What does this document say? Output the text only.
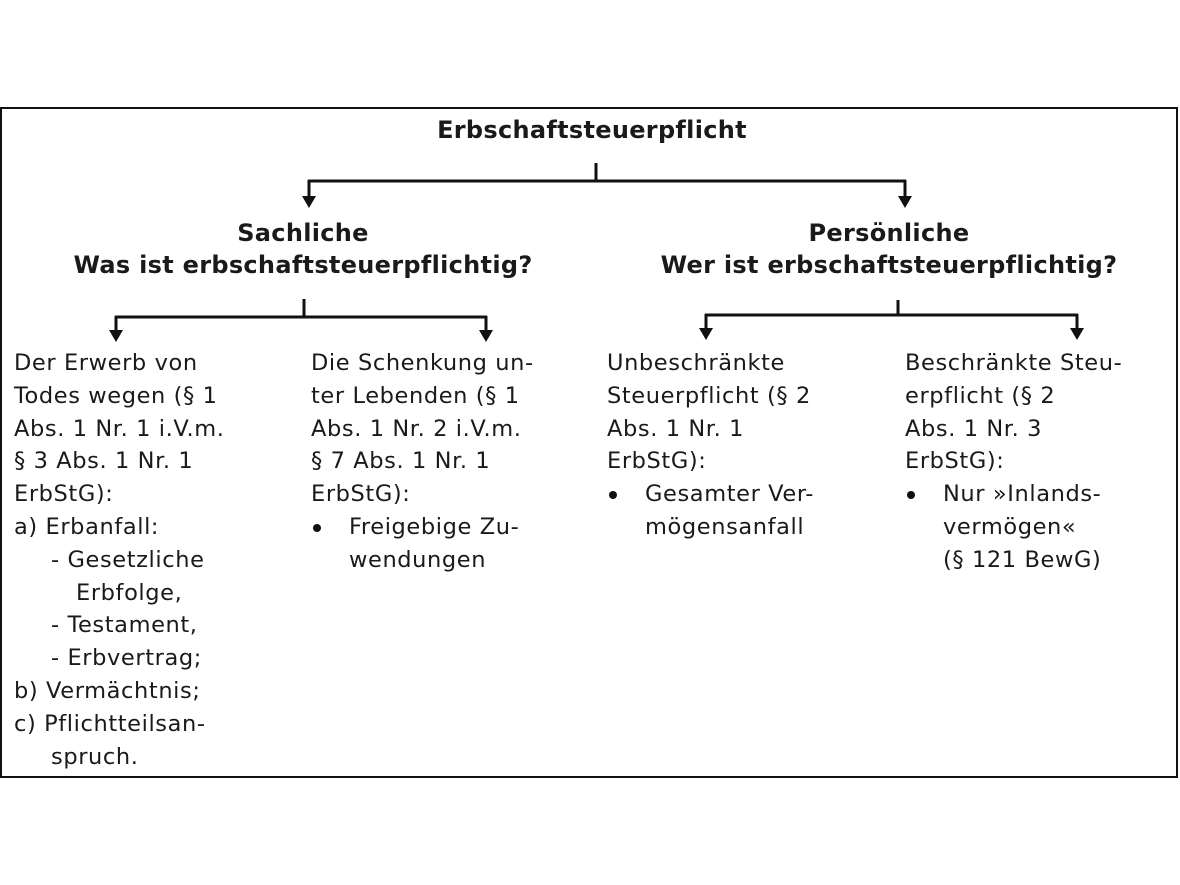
Erbschaftsteuerpflicht
Sachliche
Was ist erbschaftsteuerpflichtig?
Persönliche
Wer ist erbschaftsteuerpflichtig?
Der Erwerb von
Todes wegen (§ 1
Abs. 1 Nr. 1 i.V.m.
§ 3 Abs. 1 Nr. 1
ErbStG):
a) Erbanfall:
- Gesetzliche
Erbfolge,
- Testament,
- Erbvertrag;
b) Vermächtnis;
c) Pflichtteilsan-
spruch.
Die Schenkung un-
ter Lebenden (§ 1
Abs. 1 Nr. 2 i.V.m.
§ 7 Abs. 1 Nr. 1
ErbStG):
Freigebige Zu-
wendungen
Unbeschränkte
Steuerpflicht (§ 2
Abs. 1 Nr. 1
ErbStG):
Gesamter Ver-
mögensanfall
Beschränkte Steu-
erpflicht (§ 2
Abs. 1 Nr. 3
ErbStG):
Nur »Inlands-
vermögen«
(§ 121 BewG)
